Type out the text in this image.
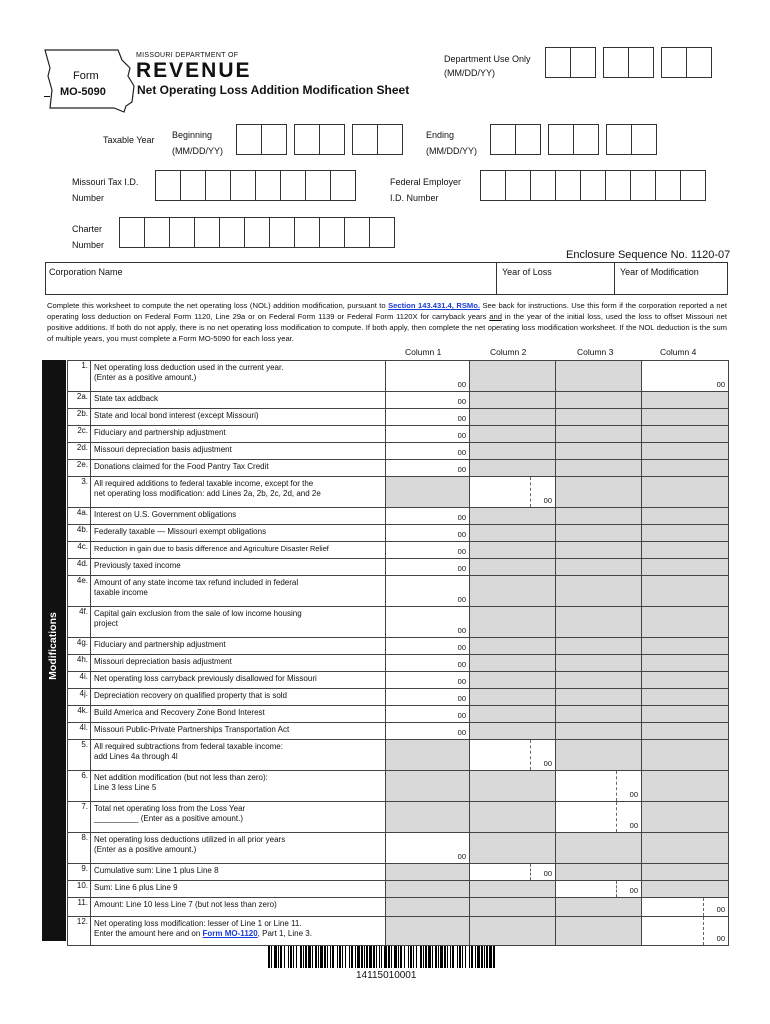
Form
MO-5090
MISSOURI DEPARTMENT OF
REVENUE
Net Operating Loss Addition Modification Sheet
Department Use Only
(MM/DD/YY)
Taxable Year Beginning
(MM/DD/YY)
Ending
(MM/DD/YY)
Missouri Tax I.D.
Number
Federal Employer
I.D. Number
Charter
Number
Enclosure Sequence No. 1120-07
Corporation Name	Year of Loss	Year of Modification
Complete this worksheet to compute the net operating loss (NOL) addition modification, pursuant to Section 143.431.4, RSMo. See back for instructions. Use this form if the corporation reported a net operating loss deduction on Federal Form 1120, Line 29a or on Federal Form 1139 or Federal Form 1120X for carryback years and in the year of the initial loss, used the loss to offset Missouri net positive additions. If both do not apply, there is no net operating loss modification to compute. If both apply, then complete the net operating loss modification worksheet. If the NOL deduction is the sum of multiple years, you must complete a Form MO-5090 for each loss year.
Column 1	Column 2	Column 3	Column 4
Modifications
1.	Net operating loss deduction used in the current year.
(Enter as a positive amount.)	00			00

2a.	State tax addback	00			

2b.	State and local bond interest (except Missouri)	00			

2c.	Fiduciary and partnership adjustment	00			

2d.	Missouri depreciation basis adjustment	00			

2e.	Donations claimed for the Food Pantry Tax Credit	00			

3.	All required additions to federal taxable income, except for the
net operating loss modification: add Lines 2a, 2b, 2c, 2d, and 2e		00		

4a.	Interest on U.S. Government obligations	00			

4b.	Federally taxable — Missouri exempt obligations	00			

4c.	Reduction in gain due to basis difference and Agriculture Disaster Relief	00			

4d.	Previously taxed income	00			

4e.	Amount of any state income tax refund included in federal
taxable income	00			

4f.	Capital gain exclusion from the sale of low income housing
project	00			

4g.	Fiduciary and partnership adjustment	00			

4h.	Missouri depreciation basis adjustment	00			

4i.	Net operating loss carryback previously disallowed for Missouri	00			

4j.	Depreciation recovery on qualified property that is sold	00			

4k.	Build America and Recovery Zone Bond Interest	00			

4l.	Missouri Public-Private Partnerships Transportation Act	00			

5.	All required subtractions from federal taxable income:
add Lines 4a through 4l		00		

6.	Net addition modification (but not less than zero):
Line 3 less Line 5			00	

7.	Total net operating loss from the Loss Year
__________ (Enter as a positive amount.)			00	

8.	Net operating loss deductions utilized in all prior years
(Enter as a positive amount.)	00			

9.	Cumulative sum: Line 1 plus Line 8		00		

10.	Sum: Line 6 plus Line 9			00	

11.	Amount: Line 10 less Line 7 (but not less than zero)				00

12.	Net operating loss modification: lesser of Line 1 or Line 11.
Enter the amount here and on Form MO-1120, Part 1, Line 3.				00
14115010001
